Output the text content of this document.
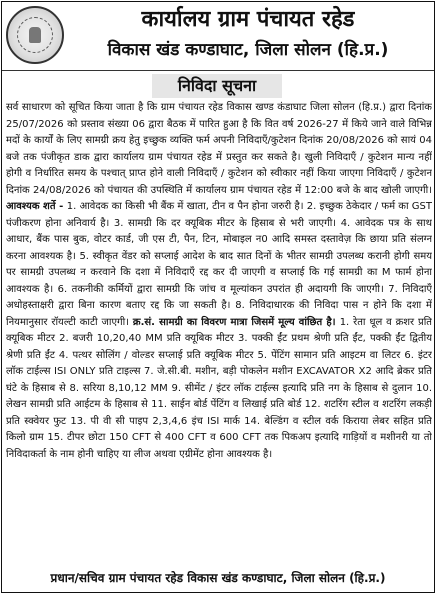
कार्यालय ग्राम पंचायत रहेड
विकास खंड कण्डाघाट, जिला सोलन (हि.प्र.)
निविदा सूचना
सर्व साधारण को सूचित किया जाता है कि ग्राम पंचायत रहेड विकास खण्ड कंडाघाट जिला सोलन (हि.प्र.) द्वारा दिनांक 25/07/2026 को प्रस्ताव संख्या 06 द्वारा बैठक में पारित हुआ है कि वित वर्ष 2026-27 में किये जाने वाले विभिन्न मदों के कार्यों के लिए सामग्री क्रय हेतु इच्छुक व्यक्ति फर्म अपनी निविदाएँ/कुटेशन दिनांक 20/08/2026 को सायं 04 बजे तक पंजीकृत डाक द्वारा कार्यालय ग्राम पंचायत रहेड में प्रस्तुत कर सकते है। खुली निविदाएँ / कुटेशन मान्य नहीं होगी व निर्धारित समय के पश्चात् प्राप्त होने वाली निविदाएँ / कुटेशन को स्वीकार नहीं किया जाएगा निविदाएँ / कुटेशन दिनांक 24/08/2026 को पंचायत की उपस्थिति में कार्यालय ग्राम पंचायत रहेड में 12:00 बजे के बाद खोली जाएगी। आवश्यक शर्ते - 1. आवेदक का किसी भी बैंक में खाता, टीन व पैन होना जरुरी है। 2. इच्छुक ठेकेदार / फर्म का GST पंजीकरण होना अनिवार्य है। 3. सामग्री कि दर क्यूबिक मीटर के हिसाब से भरी जाएगी। 4. आवेदक पत्र के साथ आधार, बैंक पास बुक, वोटर कार्ड, जी एस टी, पैन, टिन, मोबाइल न0 आदि समस्त दस्तावेज़ कि छाया प्रति संलग्न करना आवश्यक है। 5. स्वीकृत वेंडर को सप्लाई आदेश के बाद सात दिनों के भीतर सामग्री उपलब्ध करानी होगी समय पर सामग्री उपलब्ध न करवाने कि दशा में निविदाएँ रद्द कर दी जाएगी व सप्लाई कि गई सामग्री का M फार्म होना आवश्यक है। 6. तकनीकी कर्मियों द्वारा सामग्री कि जांच व मूल्यांकन उपरांत ही अदायगी कि जाएगी। 7. निविदाएँ अधोहस्ताक्षरी द्वारा बिना कारण बताए रद्द कि जा सकती है। 8. निविदाधारक की निविदा पास न होने कि दशा में नियमानुसार रॉयल्टी काटी जाएगी। क्र.सं. सामग्री का विवरण मात्रा जिसमें मूल्य वांछित है। 1. रेता धूल व क्रशर प्रति क्यूबिक मीटर 2. बजरी 10,20,40 MM प्रति क्यूबिक मीटर 3. पक्की ईंट प्रथम श्रेणी प्रति ईंट, पक्की ईंट द्वितीय श्रेणी प्रति ईंट 4. पत्थर सोलिंग / वोल्डर सप्लाई प्रति क्यूबिक मीटर 5. पेंटिंग सामान प्रति आइटम वा लिटर 6. इंटर लॉक टाईल्स ISI ONLY प्रति टाइल्स 7. जे.सी.बी. मशीन, बड़ी पोकलेन मशीन EXCAVATOR X2 आदि ब्रेकर प्रति घंटे के हिसाब से 8. सरिया 8,10,12 MM 9. सीमेंट / इंटर लॉक टाईल्स इत्यादि प्रति नग के हिसाब से दुलान 10. लेखन सामग्री प्रति आईटम के हिसाब से 11. साईन बोर्ड पेंटिंग व लिखाई प्रति बोर्ड 12. शटरिंग स्टील व शटरिंग लकड़ी प्रति स्क्वेयर फुट 13. पी वी सी पाइप 2,3,4,6 इंच ISI मार्क 14. बेल्डिंग व स्टील वर्क किराया लेबर सहित प्रति किलो ग्राम 15. टीपर छोटा 150 CFT से 400 CFT व 600 CFT तक पिकअप इत्यादि गाड़ियों व मशीनरी या तो निविदाकर्ता के नाम होनी चाहिए या लीज अथवा एग्रीमेंट होना आवश्यक है।
प्रधान/सचिव ग्राम पंचायत रहेड विकास खंड कण्डाघाट, जिला सोलन (हि.प्र.)
